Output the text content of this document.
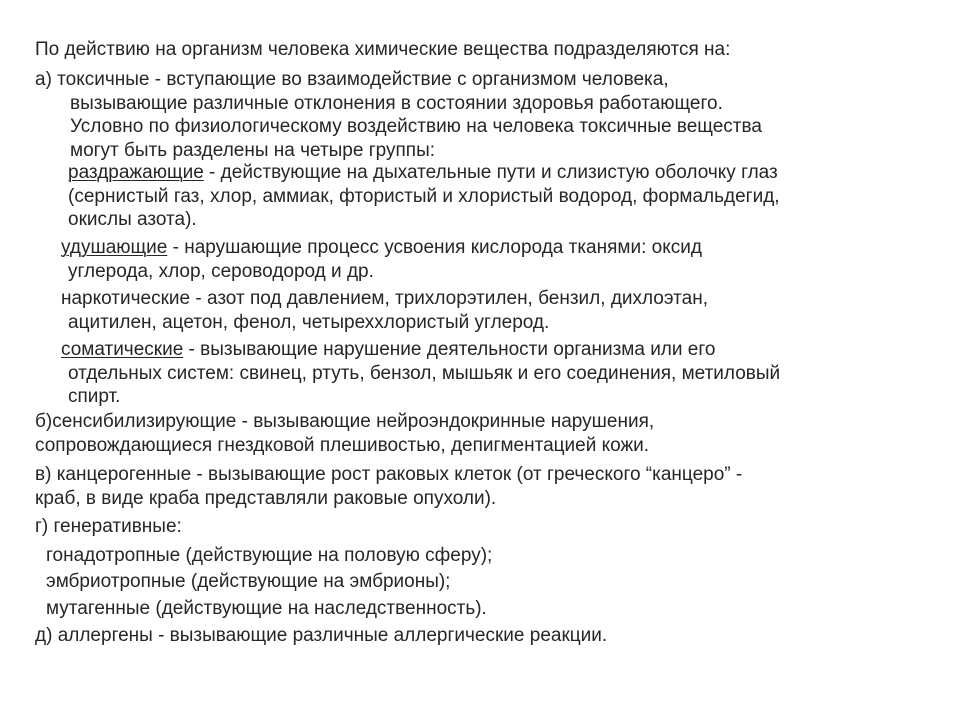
По действию на организм человека химические вещества подразделяются на:

а) токсичные - вступающие во взаимодействие с организмом человека,
вызывающие различные отклонения в состоянии здоровья работающего.
Условно по физиологическому воздействию на человека токсичные вещества
могут быть разделены на четыре группы:
раздражающие - действующие на дыхательные пути и слизистую оболочку глаз
(сернистый газ, хлор, аммиак, фтористый и хлористый водород, формальдегид,
окислы азота).
удушающие - нарушающие процесс усвоения кислорода тканями: оксид
углерода, хлор, сероводород и др.
наркотические - азот под давлением, трихлорэтилен, бензил, дихлоэтан,
ацитилен, ацетон, фенол, четыреххлористый углерод.
соматические - вызывающие нарушение деятельности организма или его
отдельных систем: свинец, ртуть, бензол, мышьяк и его соединения, метиловый
спирт.
б)сенсибилизирующие - вызывающие нейроэндокринные нарушения,
сопровождающиеся гнездковой плешивостью, депигментацией кожи.
в) канцерогенные - вызывающие рост раковых клеток (от греческого “канцеро” -
краб, в виде краба представляли раковые опухоли).

г) генеративные:

гонадотропные (действующие на половую сферу);

эмбриотропные (действующие на эмбрионы);

мутагенные (действующие на наследственность).

д) аллергены - вызывающие различные аллергические реакции.
